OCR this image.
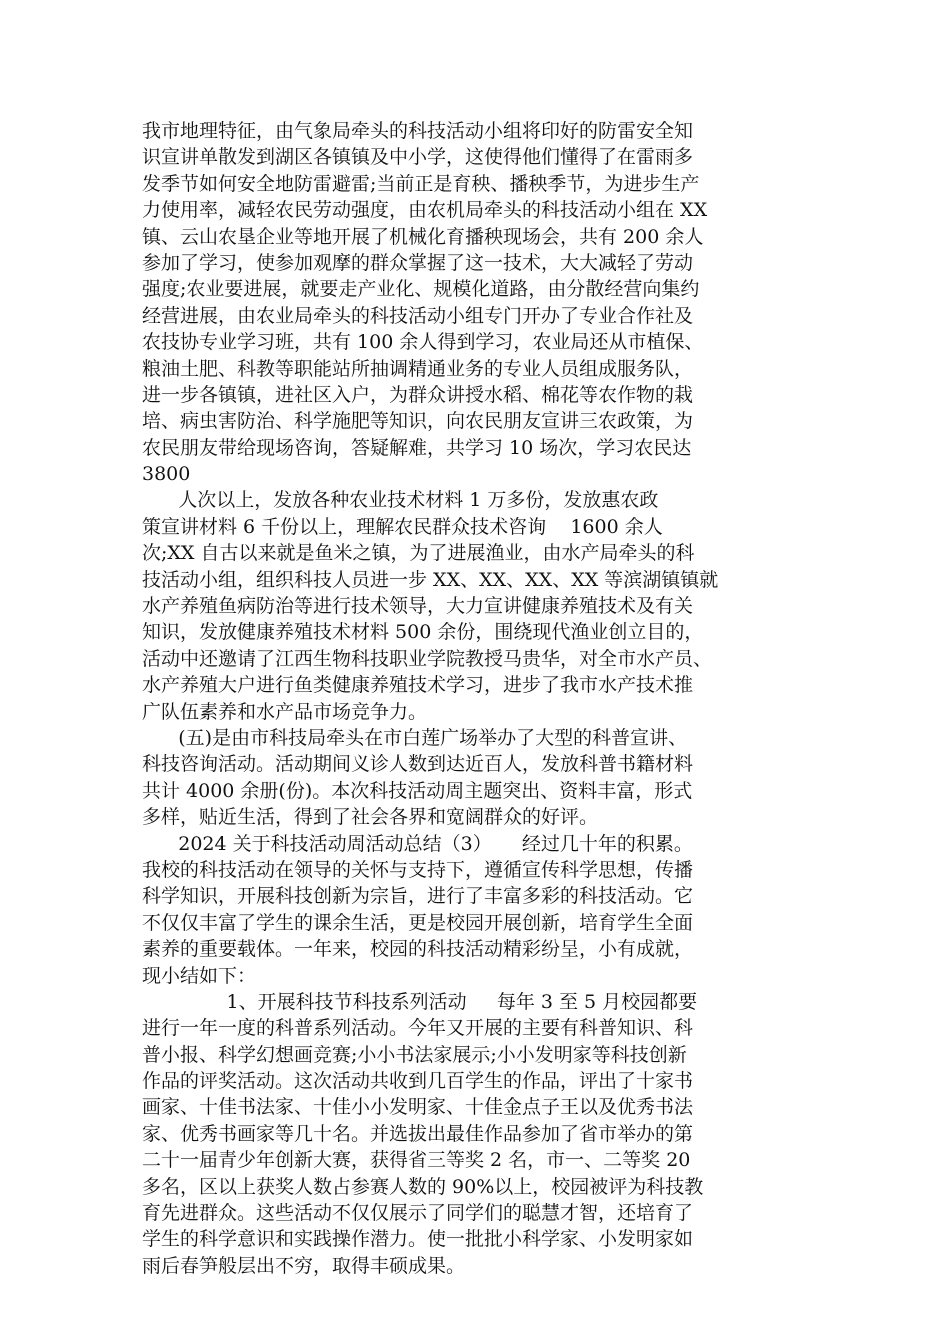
我市地理特征，由气象局牵头的科技活动小组将印好的防雷安全知
识宣讲单散发到湖区各镇镇及中小学，这使得他们懂得了在雷雨多
发季节如何安全地防雷避雷;当前正是育秧、播秧季节，为进步生产
力使用率，减轻农民劳动强度，由农机局牵头的科技活动小组在 XX
镇、云山农垦企业等地开展了机械化育播秧现场会，共有 200 余人
参加了学习，使参加观摩的群众掌握了这一技术，大大减轻了劳动
强度;农业要进展，就要走产业化、规模化道路，由分散经营向集约
经营进展，由农业局牵头的科技活动小组专门开办了专业合作社及
农技协专业学习班，共有 100 余人得到学习，农业局还从市植保、
粮油土肥、科教等职能站所抽调精通业务的专业人员组成服务队，
进一步各镇镇，进社区入户，为群众讲授水稻、棉花等农作物的栽
培、病虫害防治、科学施肥等知识，向农民朋友宣讲三农政策，为
农民朋友带给现场咨询，答疑解难，共学习 10 场次，学习农民达
3800
人次以上，发放各种农业技术材料 1 万多份，发放惠农政
策宣讲材料 6 千份以上，理解农民群众技术咨询    1600 余人
次;XX 自古以来就是鱼米之镇，为了进展渔业，由水产局牵头的科
技活动小组，组织科技人员进一步 XX、XX、XX、XX 等滨湖镇镇就
水产养殖鱼病防治等进行技术领导，大力宣讲健康养殖技术及有关
知识，发放健康养殖技术材料 500 余份，围绕现代渔业创立目的，
活动中还邀请了江西生物科技职业学院教授马贵华，对全市水产员、
水产养殖大户进行鱼类健康养殖技术学习，进步了我市水产技术推
广队伍素养和水产品市场竞争力。
(五)是由市科技局牵头在市白莲广场举办了大型的科普宣讲、
科技咨询活动。活动期间义诊人数到达近百人，发放科普书籍材料
共计 4000 余册(份)。本次科技活动周主题突出、资料丰富，形式
多样，贴近生活，得到了社会各界和宽阔群众的好评。
2024 关于科技活动周活动总结（3）     经过几十年的积累。
我校的科技活动在领导的关怀与支持下，遵循宣传科学思想，传播
科学知识，开展科技创新为宗旨，进行了丰富多彩的科技活动。它
不仅仅丰富了学生的课余生活，更是校园开展创新，培育学生全面
素养的重要载体。一年来，校园的科技活动精彩纷呈，小有成就，
现小结如下：
1、开展科技节科技系列活动     每年 3 至 5 月校园都要
进行一年一度的科普系列活动。今年又开展的主要有科普知识、科
普小报、科学幻想画竞赛;小小书法家展示;小小发明家等科技创新
作品的评奖活动。这次活动共收到几百学生的作品，评出了十家书
画家、十佳书法家、十佳小小发明家、十佳金点子王以及优秀书法
家、优秀书画家等几十名。并选拔出最佳作品参加了省市举办的第
二十一届青少年创新大赛，获得省三等奖 2 名，市一、二等奖 20
多名，区以上获奖人数占参赛人数的 90%以上，校园被评为科技教
育先进群众。这些活动不仅仅展示了同学们的聪慧才智，还培育了
学生的科学意识和实践操作潜力。使一批批小科学家、小发明家如
雨后春笋般层出不穷，取得丰硕成果。
